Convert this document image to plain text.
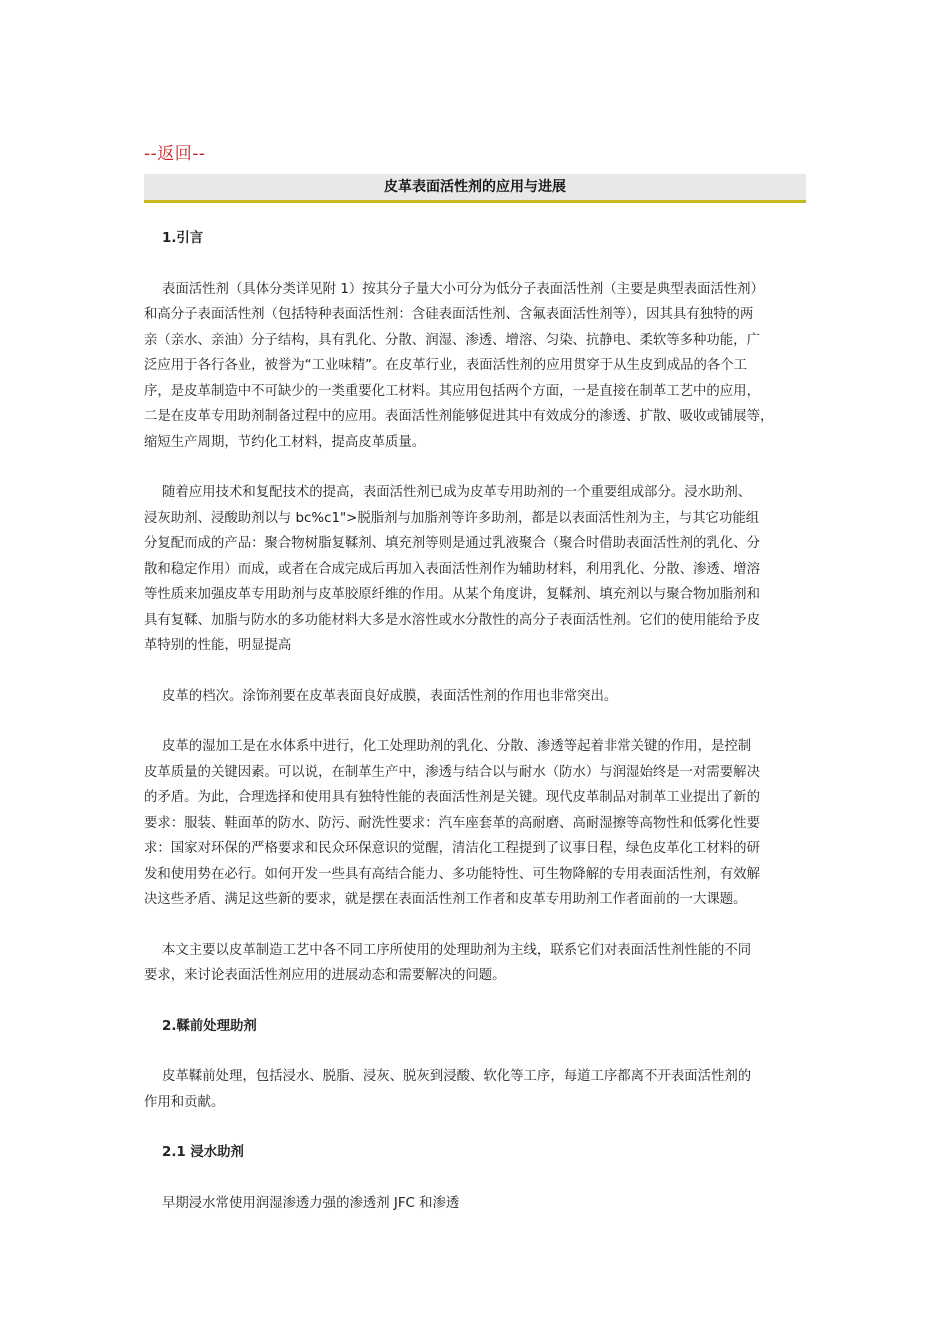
--返回--
皮革表面活性剂的应用与进展
1.引言
表面活性剂（具体分类详见附 1）按其分子量大小可分为低分子表面活性剂（主要是典型表面活性剂）
和高分子表面活性剂（包括特种表面活性剂：含硅表面活性剂、含氟表面活性剂等），因其具有独特的两
亲（亲水、亲油）分子结构，具有乳化、分散、润湿、渗透、增溶、匀染、抗静电、柔软等多种功能，广
泛应用于各行各业，被誉为“工业味精”。在皮革行业，表面活性剂的应用贯穿于从生皮到成品的各个工
序，是皮革制造中不可缺少的一类重要化工材料。其应用包括两个方面，一是直接在制革工艺中的应用，
二是在皮革专用助剂制备过程中的应用。表面活性剂能够促进其中有效成分的渗透、扩散、吸收或铺展等，
缩短生产周期，节约化工材料，提高皮革质量。
随着应用技术和复配技术的提高，表面活性剂已成为皮革专用助剂的一个重要组成部分。浸水助剂、
浸灰助剂、浸酸助剂以与 bc%c1">脱脂剂与加脂剂等许多助剂，都是以表面活性剂为主，与其它功能组
分复配而成的产品：聚合物树脂复鞣剂、填充剂等则是通过乳液聚合（聚合时借助表面活性剂的乳化、分
散和稳定作用）而成，或者在合成完成后再加入表面活性剂作为辅助材料，利用乳化、分散、渗透、增溶
等性质来加强皮革专用助剂与皮革胶原纤维的作用。从某个角度讲，复鞣剂、填充剂以与聚合物加脂剂和
具有复鞣、加脂与防水的多功能材料大多是水溶性或水分散性的高分子表面活性剂。它们的使用能给予皮
革特别的性能，明显提高
皮革的档次。涂饰剂要在皮革表面良好成膜，表面活性剂的作用也非常突出。
皮革的湿加工是在水体系中进行，化工处理助剂的乳化、分散、渗透等起着非常关键的作用，是控制
皮革质量的关键因素。可以说，在制革生产中，渗透与结合以与耐水（防水）与润湿始终是一对需要解决
的矛盾。为此，合理选择和使用具有独特性能的表面活性剂是关键。现代皮革制品对制革工业提出了新的
要求：服装、鞋面革的防水、防污、耐洗性要求：汽车座套革的高耐磨、高耐湿擦等高物性和低雾化性要
求：国家对环保的严格要求和民众环保意识的觉醒，清洁化工程提到了议事日程，绿色皮革化工材料的研
发和使用势在必行。如何开发一些具有高结合能力、多功能特性、可生物降解的专用表面活性剂，有效解
决这些矛盾、满足这些新的要求，就是摆在表面活性剂工作者和皮革专用助剂工作者面前的一大课题。
本文主要以皮革制造工艺中各不同工序所使用的处理助剂为主线，联系它们对表面活性剂性能的不同
要求，来讨论表面活性剂应用的进展动态和需要解决的问题。
2.鞣前处理助剂
皮革鞣前处理，包括浸水、脱脂、浸灰、脱灰到浸酸、软化等工序，每道工序都离不开表面活性剂的
作用和贡献。
2.1 浸水助剂
早期浸水常使用润湿渗透力强的渗透剂 JFC 和渗透
